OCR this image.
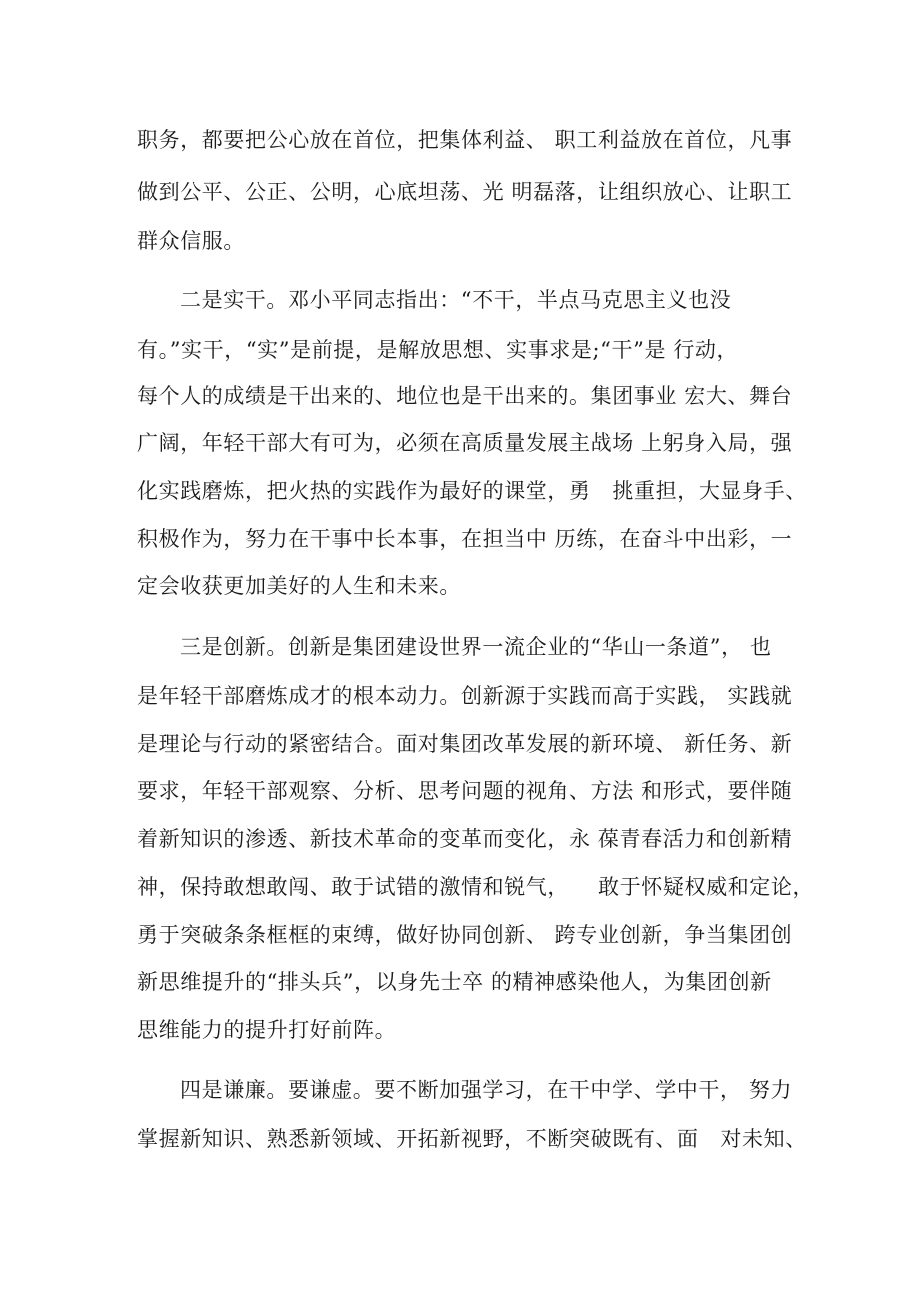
职务，都要把公心放在首位，把集体利益、 职工利益放在首位，凡事
做到公平、公正、公明，心底坦荡、光 明磊落，让组织放心、让职工
群众信服。
二是实干。邓小平同志指出：“不干，半点马克思主义也没
有。”实干，“实”是前提，是解放思想、实事求是;“干”是 行动，
每个人的成绩是干出来的、地位也是干出来的。集团事业 宏大、舞台
广阔，年轻干部大有可为，必须在高质量发展主战场 上躬身入局，强
化实践磨炼，把火热的实践作为最好的课堂，勇   挑重担，大显身手、
积极作为，努力在干事中长本事，在担当中 历练，在奋斗中出彩，一
定会收获更加美好的人生和未来。
三是创新。创新是集团建设世界一流企业的“华山一条道”， 也
是年轻干部磨炼成才的根本动力。创新源于实践而高于实践， 实践就
是理论与行动的紧密结合。面对集团改革发展的新环境、 新任务、新
要求，年轻干部观察、分析、思考问题的视角、方法 和形式，要伴随
着新知识的渗透、新技术革命的变革而变化，永 葆青春活力和创新精
神，保持敢想敢闯、敢于试错的激情和锐气，    敢于怀疑权威和定论，
勇于突破条条框框的束缚，做好协同创新、 跨专业创新，争当集团创
新思维提升的“排头兵”，以身先士卒 的精神感染他人，为集团创新
思维能力的提升打好前阵。
四是谦廉。要谦虚。要不断加强学习，在干中学、学中干， 努力
掌握新知识、熟悉新领域、开拓新视野，不断突破既有、面   对未知、
